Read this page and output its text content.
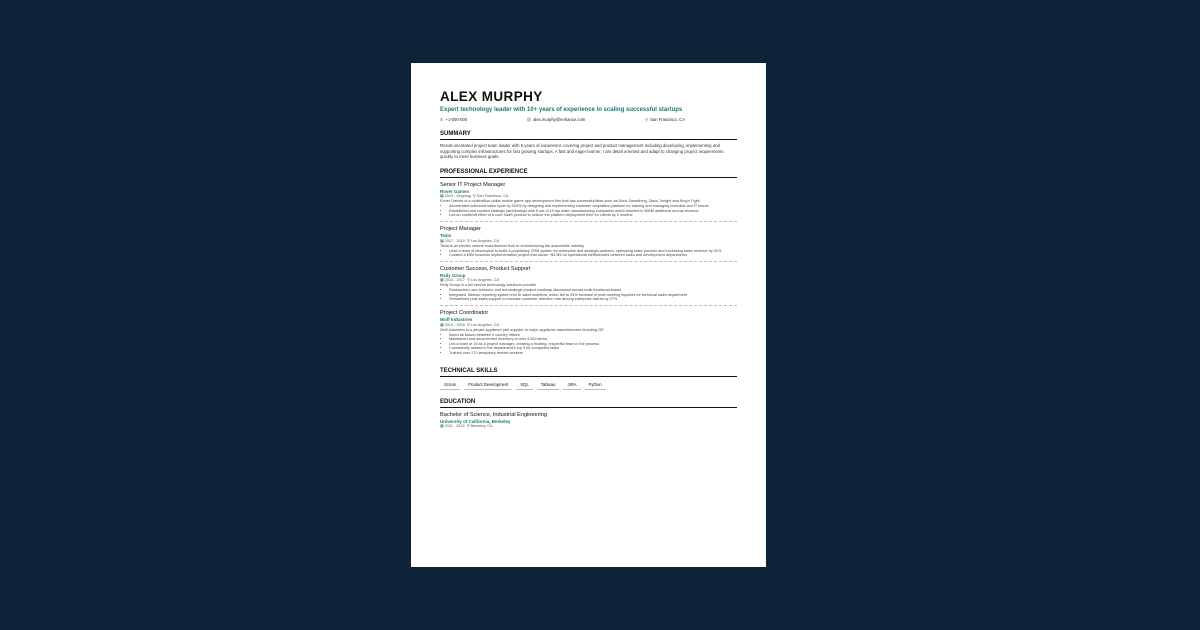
ALEX MURPHY
Expert technology leader with 10+ years of experience in scaling successful startups
✆ +1-000-000	@ alex.murphy@enhance.com	⚲ San Francisco, CA
SUMMARY
Result-orientated project team leader with 5 years of experience covering project and product management including developing, implementing and supporting complex infrastructures for fast growing startups. A fast and eager learner, I am detail oriented and adapt to changing project requirements quickly to meet business goals.
PROFESSIONAL EXPERIENCE
Senior IT Project Manager
Rover Games
▦ 2019 - Ongoing ⚲ San Francisco, CA
Rover Games is a multimillion-dollar mobile game app development firm that has successful titles such as Drink Something, Disco Tonight and King's Fight
• Accelerated outbound sales cycle by 300% by designing and implementing customer acquisition platform for training and managing technical and IT teams
• Established and curated strategic partnerships with 6 out of 10 top state manufacturing companies which resulted in $30M additional annual revenue
• Led an onsite/off effort of a core SaaS product to reduce the platform deployment time for clients by 2 months
Project Manager
Tesla
▦ 2017 - 2019 ⚲ Los Angeles, CA
Tesla is an electric vehicle manufacturer that is revolutionizing the automobile industry
• Lead a team of developers to build a proprietary CRM system for enterprise and strategic partners, optimizing sales process and increasing sales revenue by 31%
• Curated a $3M business implementation project that saves ~$3.5M on operational inefficiencies between sales and development departments
Customer Success, Product Support
Reily Group
▦ 2015 - 2017 ⚲ Los Angeles, CA
Reily Group is a full service technology solutions provider
• Researched user behavior and led strategic product roadmap discussion across multi functional teams
• Integrated Tableau reporting system into SI sales workflow, which led to 23% increase in post-meeting inquiries for technical sales department
• Streamlined post-sales support to increase customer retention rate among enterprise clients by 27%
Project Coordinator
Wolf Industries
▦ 2013 - 2015 ⚲ Los Angeles, CA
Wolf Industries is a private appliance part supplier to major appliance manufacturers including GE
• Acted as liaison between 4 country offices
• Maintained and documented inventory of over 4,000 items
• Led a team of 15 as a project manager, creating a trusting, respectful team in the process
• Consistently ranked in the department's top 3 for completed tasks
• Trained over 270 temporary remote workers
TECHNICAL SKILLS
Scrum	Product Development	SQL	Tableau	JIRA	Python
EDUCATION
Bachelor of Science, Industrial Engineering
University of California, Berkeley
▦ 2011 - 2015 ⚲ Berkeley, CA
